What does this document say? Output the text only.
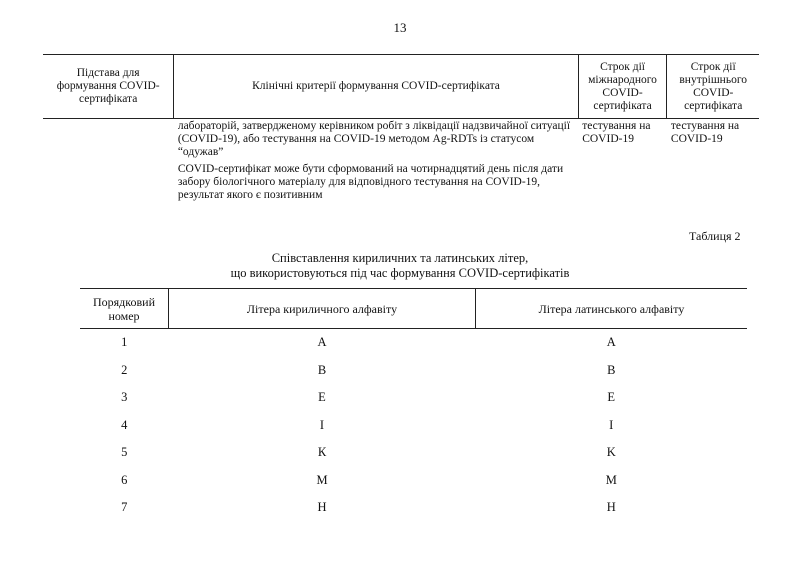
13
Підстава для формування COVID-сертифіката	Клінічні критерії формування COVID-сертифіката	Строк дії міжнародного COVID-сертифіката	Строк дії внутрішнього COVID-сертифіката

	лабораторій, затвердженому керівником робіт з ліквідації надзвичайної ситуації (COVID-19), або тестування на COVID-19 методом Ag-RDTs із статусом “одужав”

COVID-сертифікат може бути сформований на чотирнадцятий день після дати забору біологічного матеріалу для відповідного тестування на COVID-19, результат якого є позитивним	тестування на COVID-19	тестування на COVID-19
Таблиця 2
Співставлення кириличних та латинських літер,
що використовуються під час формування COVID-сертифікатів
Порядковий номер	Літера кириличного алфавіту	Літера латинського алфавіту
1	А	A
2	В	B
3	Е	E
4	І	I
5	К	K
6	М	M
7	Н	H
